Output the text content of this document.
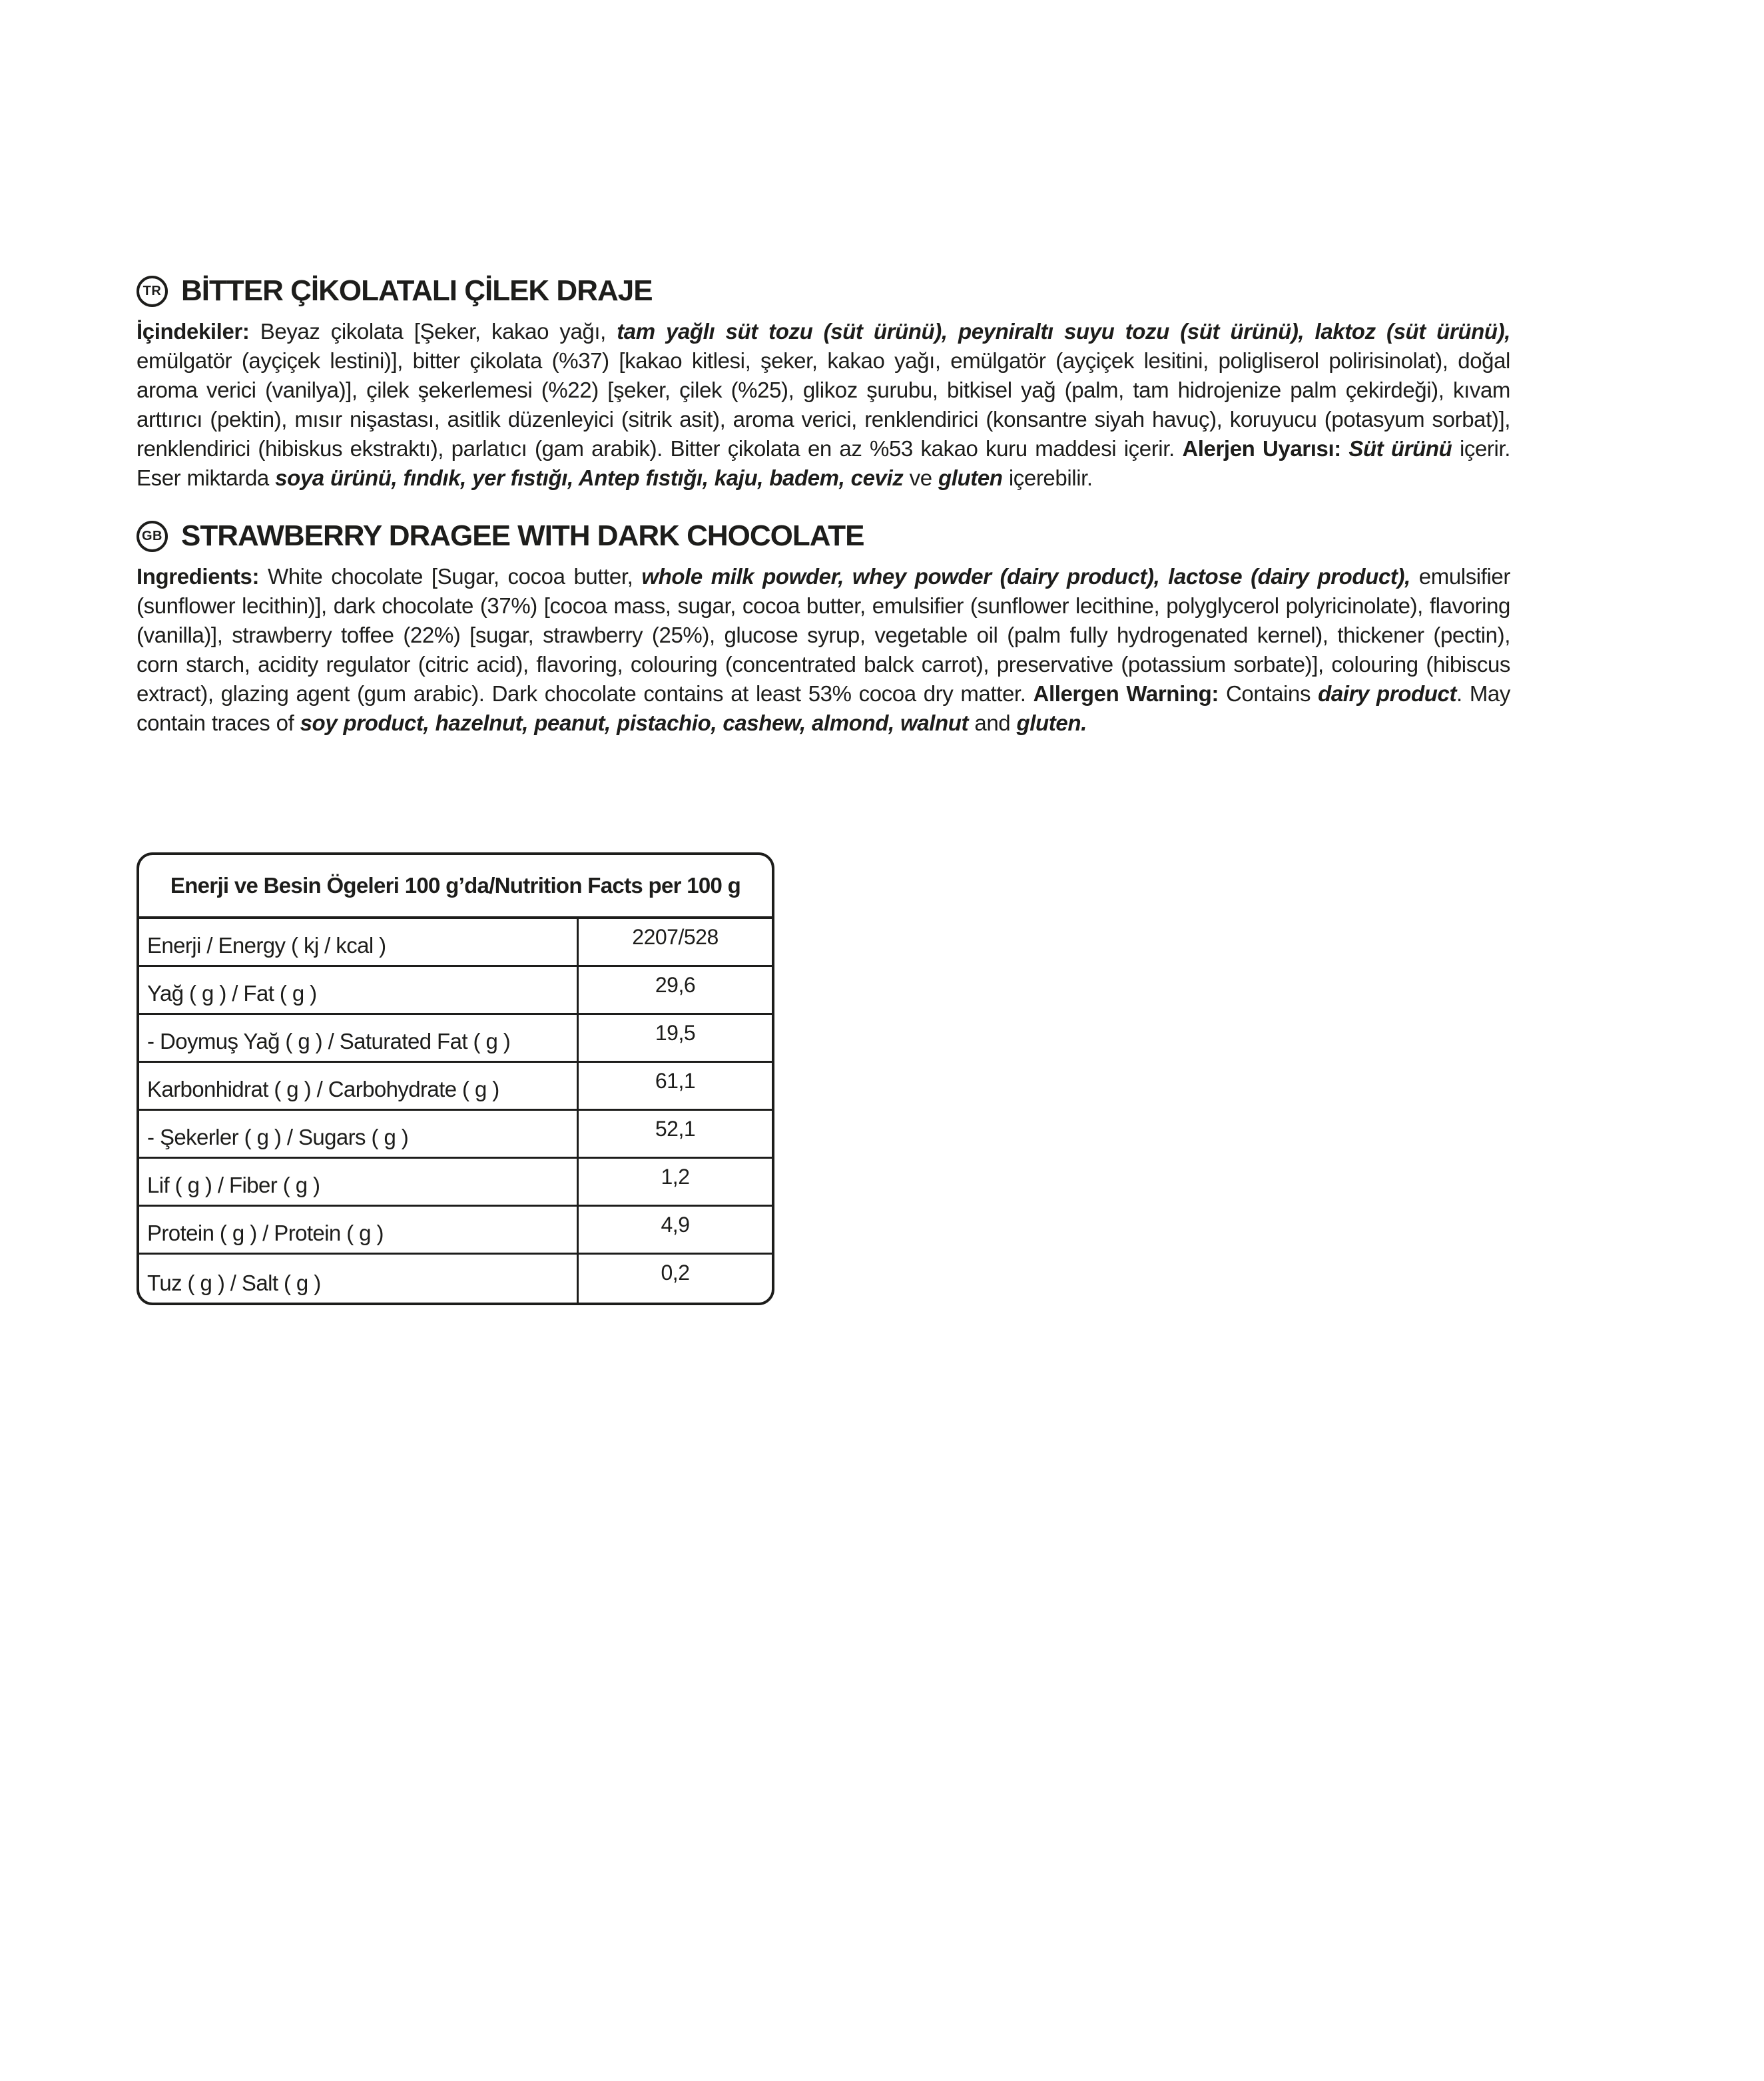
TR BİTTER ÇİKOLATALI ÇİLEK DRAJE

İçindekiler: Beyaz çikolata [Şeker, kakao yağı, tam yağlı süt tozu (süt ürünü), peyniraltı suyu tozu (süt ürünü), laktoz (süt ürünü), emülgatör (ayçiçek lestini)], bitter çikolata (%37) [kakao kitlesi, şeker, kakao yağı, emülgatör (ayçiçek lesitini, poligliserol polirisinolat), doğal aroma verici (vanilya)], çilek şekerlemesi (%22) [şeker, çilek (%25), glikoz şurubu, bitkisel yağ (palm, tam hidrojenize palm çekirdeği), kıvam arttırıcı (pektin), mısır nişastası, asitlik düzenleyici (sitrik asit), aroma verici, renklendirici (konsantre siyah havuç), koruyucu (potasyum sorbat)], renklendirici (hibiskus ekstraktı), parlatıcı (gam arabik). Bitter çikolata en az %53 kakao kuru maddesi içerir. Alerjen Uyarısı: Süt ürünü içerir. Eser miktarda soya ürünü, fındık, yer fıstığı, Antep fıstığı, kaju, badem, ceviz ve gluten içerebilir.

GB STRAWBERRY DRAGEE WITH DARK CHOCOLATE

Ingredients: White chocolate [Sugar, cocoa butter, whole milk powder, whey powder (dairy product), lactose (dairy product), emulsifier (sunflower lecithin)], dark chocolate (37%) [cocoa mass, sugar, cocoa butter, emulsifier (sunflower lecithine, polyglycerol polyricinolate), flavoring (vanilla)], strawberry toffee (22%) [sugar, strawberry (25%), glucose syrup, vegetable oil (palm fully hydrogenated kernel), thickener (pectin), corn starch, acidity regulator (citric acid), flavoring, colouring (concentrated balck carrot), preservative (potassium sorbate)], colouring (hibiscus extract), glazing agent (gum arabic). Dark chocolate contains at least 53% cocoa dry matter. Allergen Warning: Contains dairy product. May contain traces of soy product, hazelnut, peanut, pistachio, cashew, almond, walnut and gluten.

Enerji ve Besin Ögeleri 100 g’da/Nutrition Facts per 100 g
Enerji / Energy ( kj / kcal )	2207/528
Yağ ( g ) / Fat ( g )	29,6
- Doymuş Yağ ( g ) / Saturated Fat ( g )	19,5
Karbonhidrat ( g ) / Carbohydrate ( g )	61,1
- Şekerler ( g ) / Sugars ( g )	52,1
Lif ( g ) / Fiber ( g )	1,2
Protein ( g ) / Protein ( g )	4,9
Tuz ( g ) / Salt ( g )	0,2
